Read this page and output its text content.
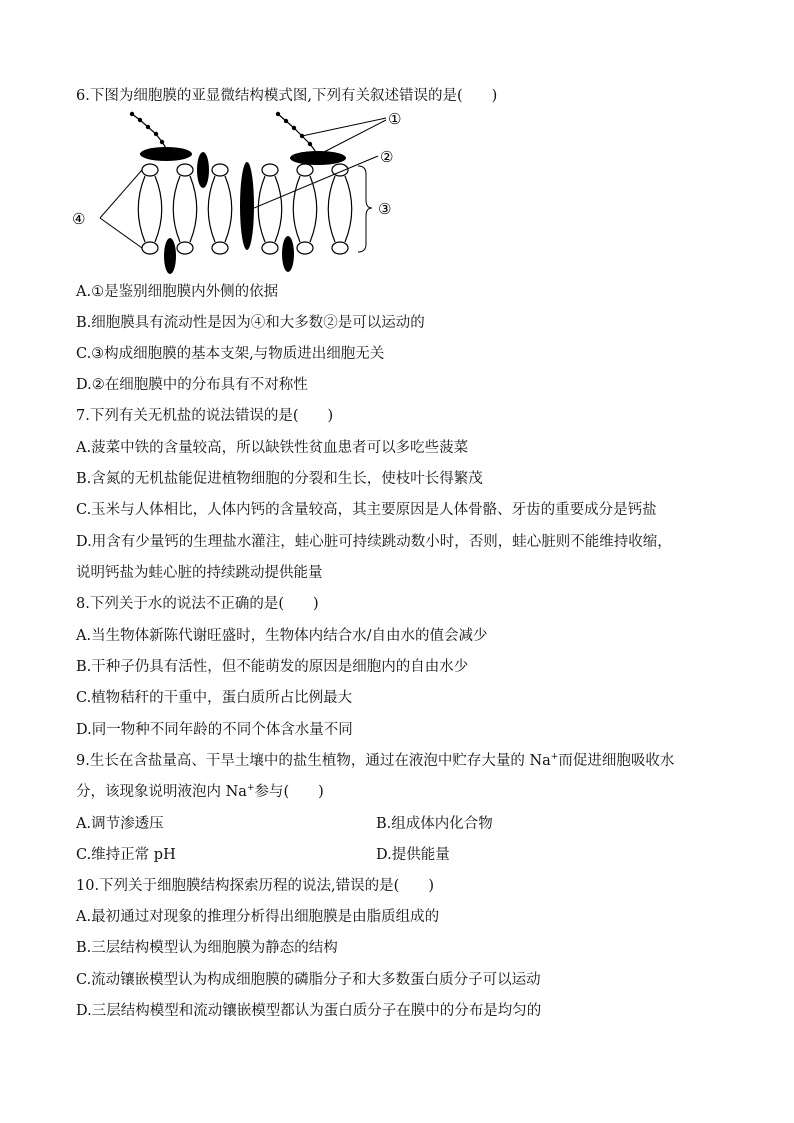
6.下图为细胞膜的亚显微结构模式图,下列有关叙述错误的是(　　)
①
②
③
④
A.①是鉴别细胞膜内外侧的依据
B.细胞膜具有流动性是因为④和大多数②是可以运动的
C.③构成细胞膜的基本支架,与物质进出细胞无关
D.②在细胞膜中的分布具有不对称性
7.下列有关无机盐的说法错误的是(　　)
A.菠菜中铁的含量较高，所以缺铁性贫血患者可以多吃些菠菜
B.含氮的无机盐能促进植物细胞的分裂和生长，使枝叶长得繁茂
C.玉米与人体相比，人体内钙的含量较高，其主要原因是人体骨骼、牙齿的重要成分是钙盐
D.用含有少量钙的生理盐水灌注，蛙心脏可持续跳动数小时，否则，蛙心脏则不能维持收缩，
说明钙盐为蛙心脏的持续跳动提供能量
8.下列关于水的说法不正确的是(　　)
A.当生物体新陈代谢旺盛时，生物体内结合水/自由水的值会减少
B.干种子仍具有活性，但不能萌发的原因是细胞内的自由水少
C.植物秸秆的干重中，蛋白质所占比例最大
D.同一物种不同年龄的不同个体含水量不同
9.生长在含盐量高、干旱土壤中的盐生植物，通过在液泡中贮存大量的 Na+而促进细胞吸收水
分，该现象说明液泡内 Na+参与(　　)
A.调节渗透压	B.组成体内化合物
C.维持正常 pH	D.提供能量
10.下列关于细胞膜结构探索历程的说法,错误的是(　　)
A.最初通过对现象的推理分析得出细胞膜是由脂质组成的
B.三层结构模型认为细胞膜为静态的结构
C.流动镶嵌模型认为构成细胞膜的磷脂分子和大多数蛋白质分子可以运动
D.三层结构模型和流动镶嵌模型都认为蛋白质分子在膜中的分布是均匀的
